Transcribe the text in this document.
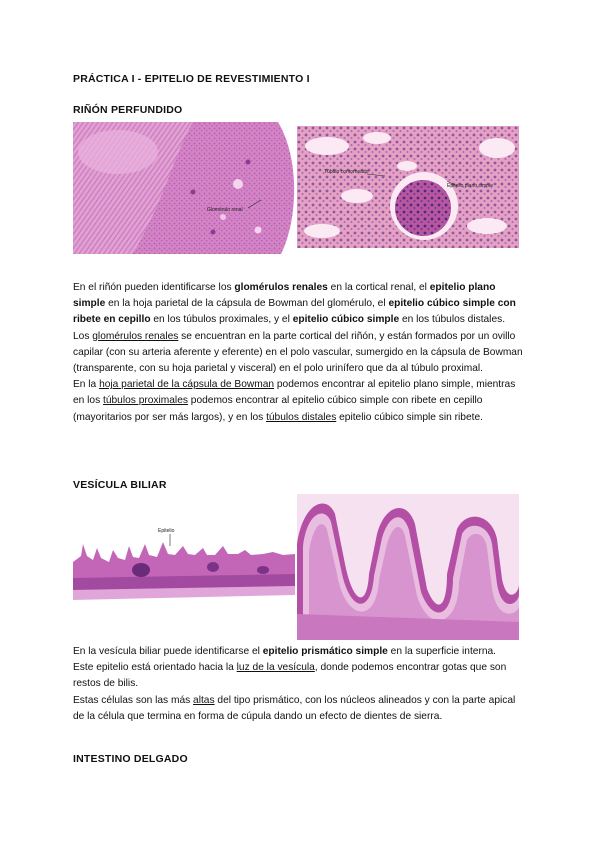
PRÁCTICA I - EPITELIO DE REVESTIMIENTO I
RIÑÓN PERFUNDIDO
Glomérulo renal
Túbulo contorneado
Epitelio plano simple
En el riñón pueden identificarse los glomérulos renales en la cortical renal, el epitelio plano simple en la hoja parietal de la cápsula de Bowman del glomérulo, el epitelio cúbico simple con ribete en cepillo en los túbulos proximales, y el epitelio cúbico simple en los túbulos distales.
Los glomérulos renales se encuentran en la parte cortical del riñón, y están formados por un ovillo capilar (con su arteria aferente y eferente) en el polo vascular, sumergido en la cápsula de Bowman (transparente, con su hoja parietal y visceral) en el polo urinífero que da al túbulo proximal.
En la hoja parietal de la cápsula de Bowman podemos encontrar al epitelio plano simple, mientras en los túbulos proximales podemos encontrar al epitelio cúbico simple con ribete en cepillo (mayoritarios por ser más largos), y en los túbulos distales epitelio cúbico simple sin ribete.
VESÍCULA BILIAR
Epitelio
En la vesícula biliar puede identificarse el epitelio prismático simple en la superficie interna.
Este epitelio está orientado hacia la luz de la vesícula, donde podemos encontrar gotas que son restos de bilis.
Estas células son las más altas del tipo prismático, con los núcleos alineados y con la parte apical de la célula que termina en forma de cúpula dando un efecto de dientes de sierra.
INTESTINO DELGADO
